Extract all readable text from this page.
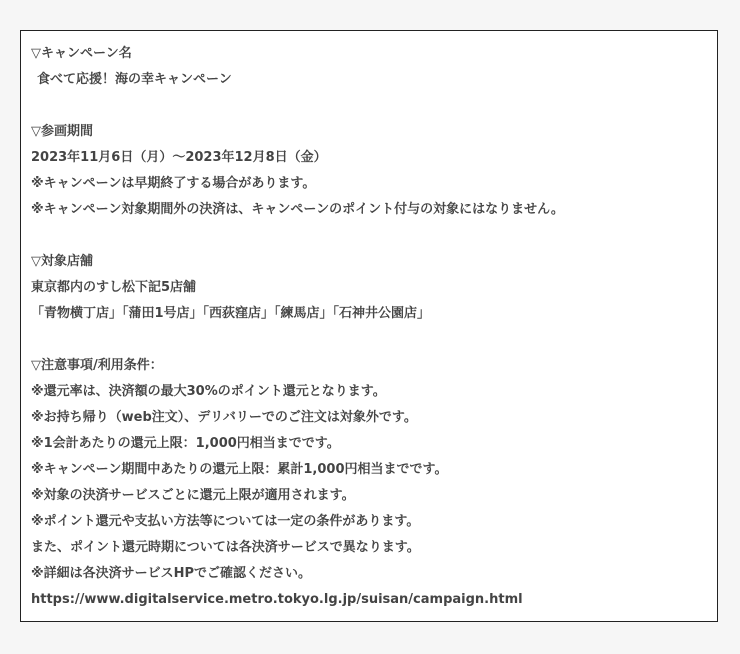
▽キャンペーン名
食べて応援！海の幸キャンペーン
▽参画期間
2023年11月6日（月）〜2023年12月8日（金）
※キャンペーンは早期終了する場合があります。
※キャンペーン対象期間外の決済は、キャンペーンのポイント付与の対象にはなりません。
▽対象店舗
東京都内のすし松下記5店舗
「青物横丁店」「蒲田1号店」「西荻窪店」「練馬店」「石神井公園店」
▽注意事項/利用条件：
※還元率は、決済額の最大30%のポイント還元となります。
※お持ち帰り（web注文）、デリバリーでのご注文は対象外です。
※1会計あたりの還元上限：1,000円相当までです。
※キャンペーン期間中あたりの還元上限：累計1,000円相当までです。
※対象の決済サービスごとに還元上限が適用されます。
※ポイント還元や支払い方法等については一定の条件があります。
また、ポイント還元時期については各決済サービスで異なります。
※詳細は各決済サービスHPでご確認ください。
https://www.digitalservice.metro.tokyo.lg.jp/suisan/campaign.html
